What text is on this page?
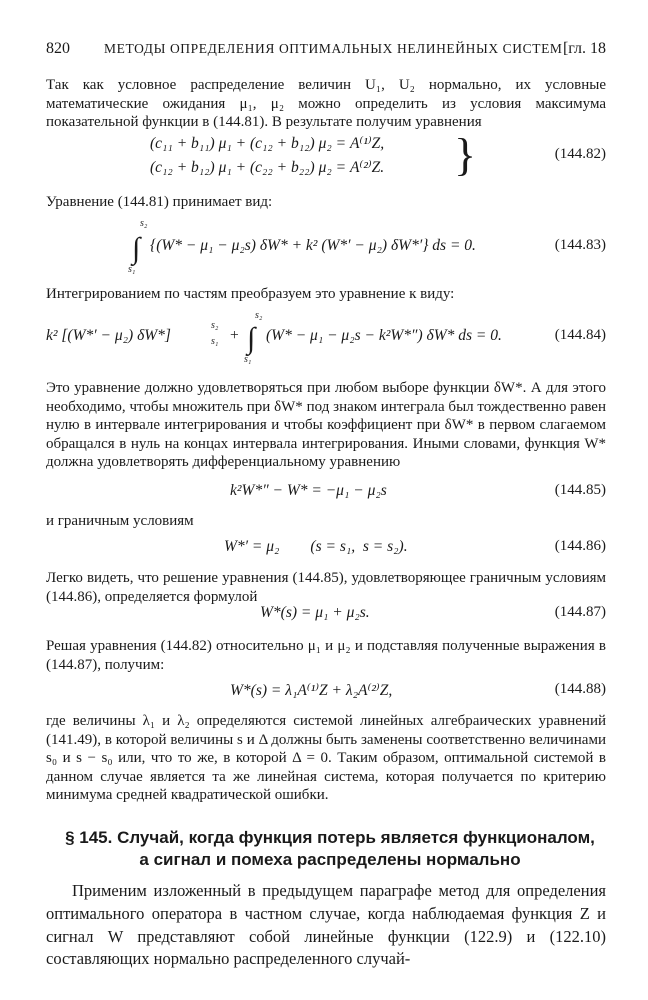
820	МЕТОДЫ ОПРЕДЕЛЕНИЯ ОПТИМАЛЬНЫХ НЕЛИНЕЙНЫХ СИСТЕМ [гл. 18
Так как условное распределение величин U₁, U₂ нормально, их условные математические ожидания μ₁, μ₂ можно определить из условия максимума показательной функции в (144.81). В результате получим уравнения
(c₁₁ + b₁₁) μ₁ + (c₁₂ + b₁₂) μ₂ = A⁽¹⁾Z,
(c₁₂ + b₁₂) μ₁ + (c₂₂ + b₂₂) μ₂ = A⁽²⁾Z. }	(144.82)
Уравнение (144.81) принимает вид:
s₂
∫
s₁
{(W* − μ₁ − μ₂s) δW* + k² (W*′ − μ₂) δW*′} ds = 0.	(144.83)
Интегрированием по частям преобразуем это уравнение к виду:
k² [(W*′ − μ₂) δW*]
s₂
s₁ +
s₂
∫
s₁
(W* − μ₁ − μ₂s − k²W*″) δW* ds = 0.	(144.84)
Это уравнение должно удовлетворяться при любом выборе функции δW*. А для этого необходимо, чтобы множитель при δW* под знаком интеграла был тождественно равен нулю в интервале интегрирования и чтобы коэффициент при δW* в первом слагаемом обращался в нуль на концах интервала интегрирования. Иными словами, функция W* должна удовлетворять дифференциальному уравнению
k²W*″ − W* = −μ₁ − μ₂s	(144.85)
и граничным условиям
W*′ = μ₂        (s = s₁,  s = s₂).	(144.86)
Легко видеть, что решение уравнения (144.85), удовлетворяющее граничным условиям (144.86), определяется формулой
W*(s) = μ₁ + μ₂s.	(144.87)
Решая уравнения (144.82) относительно μ₁ и μ₂ и подставляя полученные выражения в (144.87), получим:
W*(s) = λ₁A⁽¹⁾Z + λ₂A⁽²⁾Z,	(144.88)
где величины λ₁ и λ₂ определяются системой линейных алгебраических уравнений (141.49), в которой величины s и Δ должны быть заменены соответственно величинами s₀ и s − s₀ или, что то же, в которой Δ = 0. Таким образом, оптимальной системой в данном случае является та же линейная система, которая получается по критерию минимума средней квадратической ошибки.
§ 145. Случай, когда функция потерь является функционалом,
а сигнал и помеха распределены нормально
Применим изложенный в предыдущем параграфе метод для определения оптимального оператора в частном случае, когда наблюдаемая функция Z и сигнал W представляют собой линейные функции (122.9) и (122.10) составляющих нормально распределенного случай-
